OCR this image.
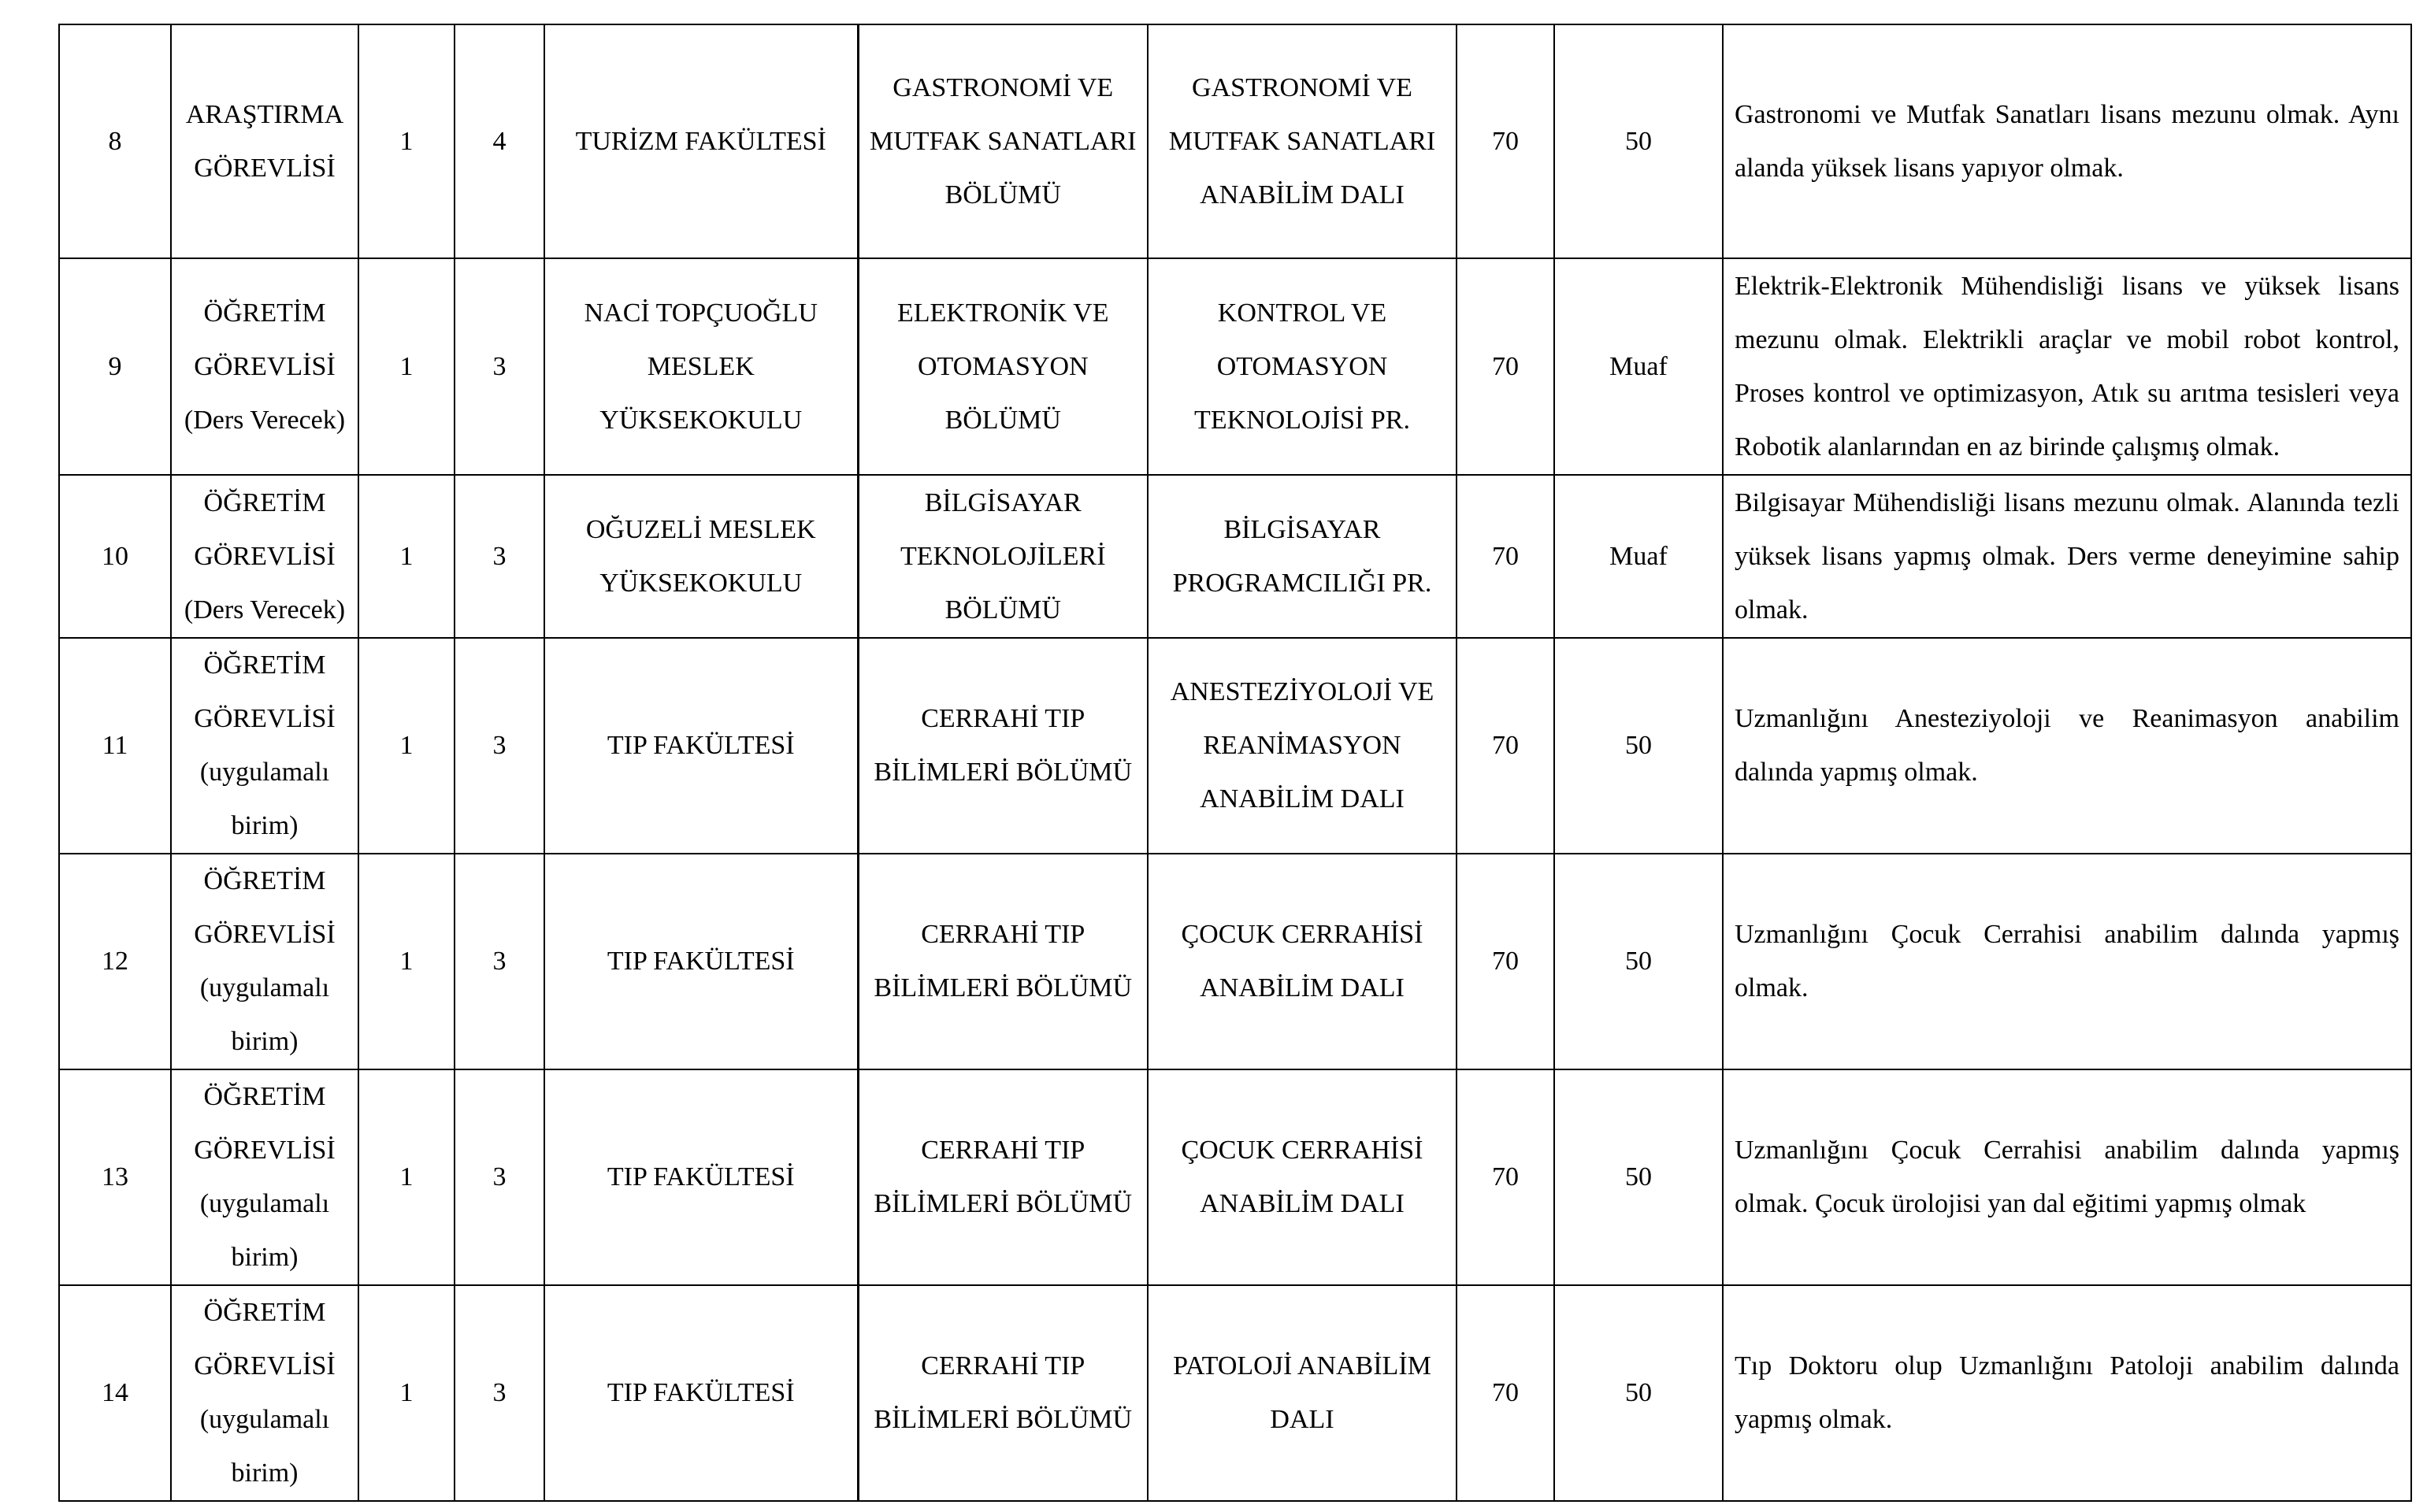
8	ARAŞTIRMA GÖREVLİSİ	1	4	TURİZM FAKÜLTESİ	GASTRONOMİ VE MUTFAK SANATLARI BÖLÜMÜ	GASTRONOMİ VE MUTFAK SANATLARI ANABİLİM DALI	70	50	Gastronomi ve Mutfak Sanatları lisans mezunu olmak. Aynı alanda yüksek lisans yapıyor olmak.

9	ÖĞRETİM GÖREVLİSİ (Ders Verecek)	1	3	NACİ TOPÇUOĞLU MESLEK YÜKSEKOKULU	ELEKTRONİK VE OTOMASYON BÖLÜMÜ	KONTROL VE OTOMASYON TEKNOLOJİSİ PR.	70	Muaf	Elektrik-Elektronik Mühendisliği lisans ve yüksek lisans mezunu olmak. Elektrikli araçlar ve mobil robot kontrol, Proses kontrol ve optimizasyon, Atık su arıtma tesisleri veya Robotik alanlarından en az birinde çalışmış olmak.

10	ÖĞRETİM GÖREVLİSİ (Ders Verecek)	1	3	OĞUZELİ MESLEK YÜKSEKOKULU	BİLGİSAYAR TEKNOLOJİLERİ BÖLÜMÜ	BİLGİSAYAR PROGRAMCILIĞI PR.	70	Muaf	Bilgisayar Mühendisliği lisans mezunu olmak. Alanında tezli yüksek lisans yapmış olmak. Ders verme deneyimine sahip olmak.

11	ÖĞRETİM GÖREVLİSİ (uygulamalı birim)	1	3	TIP FAKÜLTESİ	CERRAHİ TIP BİLİMLERİ BÖLÜMÜ	ANESTEZİYOLOJİ VE REANİMASYON ANABİLİM DALI	70	50	Uzmanlığını Anesteziyoloji ve Reanimasyon anabilim dalında yapmış olmak.

12	ÖĞRETİM GÖREVLİSİ (uygulamalı birim)	1	3	TIP FAKÜLTESİ	CERRAHİ TIP BİLİMLERİ BÖLÜMÜ	ÇOCUK CERRAHİSİ ANABİLİM DALI	70	50	Uzmanlığını Çocuk Cerrahisi anabilim dalında yapmış olmak.

13	ÖĞRETİM GÖREVLİSİ (uygulamalı birim)	1	3	TIP FAKÜLTESİ	CERRAHİ TIP BİLİMLERİ BÖLÜMÜ	ÇOCUK CERRAHİSİ ANABİLİM DALI	70	50	Uzmanlığını Çocuk Cerrahisi anabilim dalında yapmış olmak. Çocuk ürolojisi yan dal eğitimi yapmış olmak

14	ÖĞRETİM GÖREVLİSİ (uygulamalı birim)	1	3	TIP FAKÜLTESİ	CERRAHİ TIP BİLİMLERİ BÖLÜMÜ	PATOLOJİ ANABİLİM DALI	70	50	Tıp Doktoru olup Uzmanlığını Patoloji anabilim dalında yapmış olmak.
